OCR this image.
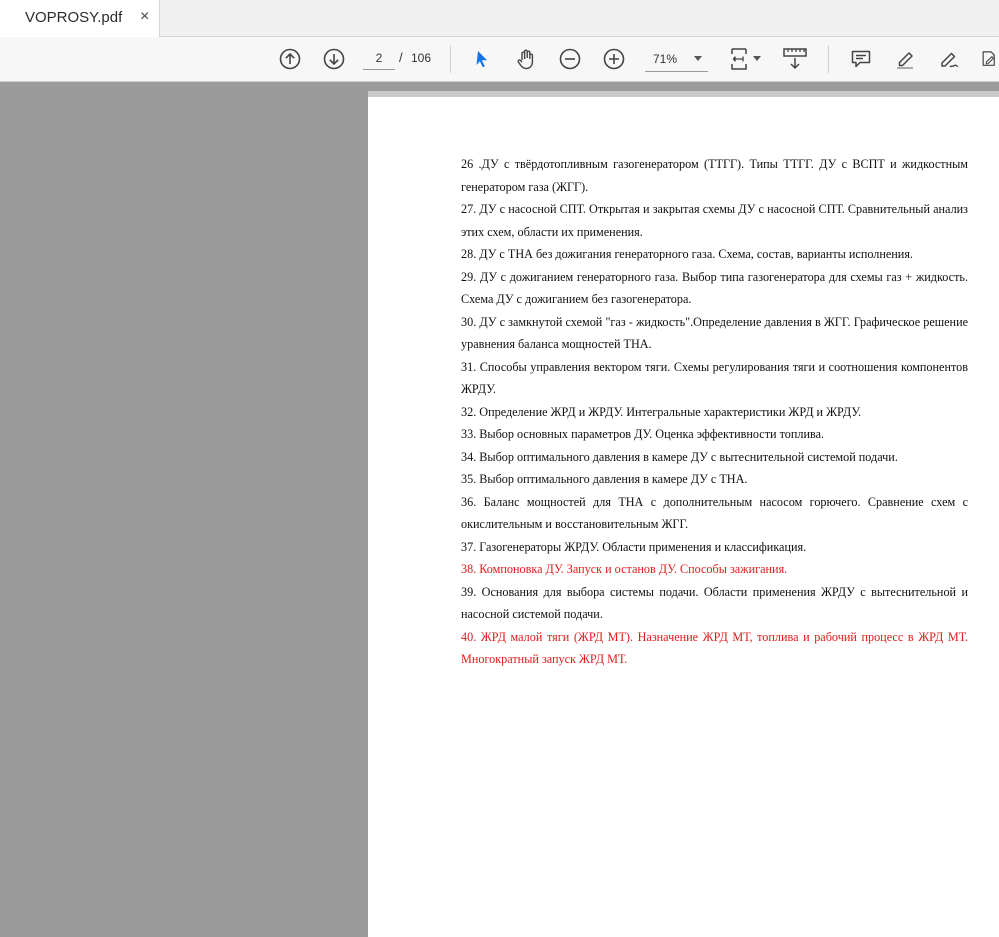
VOPROSY.pdf ×
2
/ 106	71%

26 .ДУ с твёрдотопливным газогенератором (ТТГГ). Типы ТТГГ. ДУ с ВСПТ и жидкостным генератором газа (ЖГГ).

27. ДУ с насосной СПТ. Открытая и закрытая схемы ДУ с насосной СПТ. Сравнительный анализ этих схем, области их применения.

28. ДУ с ТНА без дожигания генераторного газа. Схема, состав, варианты исполнения.

29. ДУ с дожиганием генераторного газа. Выбор типа газогенератора для схемы газ + жидкость. Схема ДУ с дожиганием без газогенератора.

30. ДУ с замкнутой схемой "газ - жидкость".Определение давления в ЖГГ. Графическое решение уравнения баланса мощностей ТНА.

31. Способы управления вектором тяги. Схемы регулирования тяги и соотношения компонентов ЖРДУ.

32. Определение ЖРД и ЖРДУ. Интегральные характеристики ЖРД и ЖРДУ.

33. Выбор основных параметров ДУ. Оценка эффективности топлива.

34. Выбор оптимального давления в камере ДУ с вытеснительной системой подачи.

35. Выбор оптимального давления в камере ДУ с ТНА.

36. Баланс мощностей для ТНА с дополнительным насосом горючего. Сравнение схем с окислительным и восстановительным ЖГГ.

37. Газогенераторы ЖРДУ. Области применения и классификация.

38. Компоновка ДУ. Запуск и останов ДУ. Способы зажигания.

39. Основания для выбора системы подачи. Области применения ЖРДУ с вытеснительной и насосной системой подачи.

40. ЖРД малой тяги (ЖРД МТ). Назначение ЖРД МТ, топлива и рабочий процесс в ЖРД МТ. Многократный запуск ЖРД МТ.
